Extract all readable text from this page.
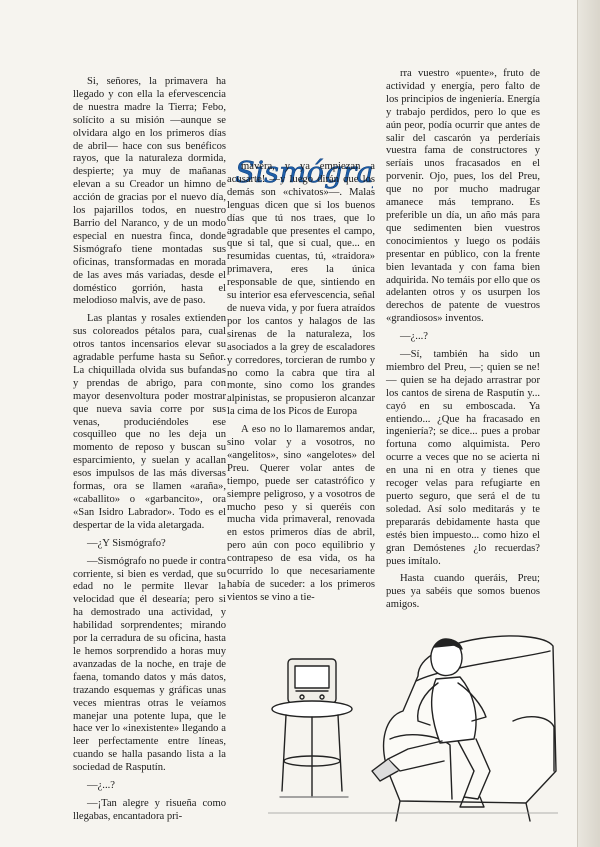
Si, señores, la primavera ha llegado y con ella la efervescencia de nuestra madre la Tierra; Febo, solícito a su misión —aunque se olvidara algo en los primeros días de abril— hace con sus benéficos rayos, que la naturaleza dormida, despierte; ya muy de mañanas elevan a su Creador un himno de acción de gracias por el nuevo día, los pajarillos todos, en nuestro Barrio del Naranco, y de un modo especial en nuestra finca, donde Sismógrafo tiene montadas sus oficinas, transformadas en morada de las aves más variadas, desde el doméstico gorrión, hasta el melodioso malvis, ave de paso.

Las plantas y rosales extienden sus coloreados pétalos para, cual otros tantos incensarios elevar su agradable perfume hasta su Señor. La chiquillada olvida sus bufandas y prendas de abrigo, para con mayor desenvoltura poder mostrar que nueva savia corre por sus venas, produciéndoles ese cosquilleo que no les deja un momento de reposo y buscan su esparcimiento, y suelan y acallan esos impulsos de las más diversas formas, ora se llamen «araña», «caballito» o «garbancito», ora «San Isidro Labrador». Todo es el despertar de la vida aletargada.

—¿Y Sismógrafo?

—Sismógrafo no puede ir contra corriente, si bien es verdad, que su edad no le permite llevar la velocidad que él desearía; pero si ha demostrado una actividad, y habilidad sorprendentes; mirando por la cerradura de su oficina, hasta le hemos sorprendido a horas muy avanzadas de la noche, en traje de faena, tomando datos y más datos, trazando esquemas y gráficas unas veces mientras otras le veíamos manejar una potente lupa, que le hace ver lo «inexistente» llegando a leer perfectamente entre líneas, cuando se halla pasando lista a la sociedad de Rasputín.

—¿...?

—¡Tan alegre y risueña como llegabas, encantadora pri-

Sismógra

mavera, y ya empiezan a acusarte! —y luego dirán que los demás son «chivatos»—. Malas lenguas dicen que si los buenos días que tú nos traes, que lo agradable que presentes el campo, que si tal, que si cual, que... en resumidas cuentas, tú, «traidora» primavera, eres la única responsable de que, sintiendo en su interior esa efervescencia, señal de nueva vida, y por fuera atraídos por los cantos y halagos de las sirenas de la naturaleza, los asociados a la grey de escaladores y corredores, torcieran de rumbo y no como la cabra que tira al monte, sino como los grandes alpinistas, se propusieron alcanzar la cima de los Picos de Europa

A eso no lo llamaremos andar, sino volar y a vosotros, no «angelitos», sino «angelotes» del Preu. Querer volar antes de tiempo, puede ser catastrófico y siempre peligroso, y a vosotros de mucho peso y si queréis con mucha vida primaveral, renovada en estos primeros días de abril, pero aún con poco equilibrio y contrapeso de esa vida, os ha ocurrido lo que necesariamente había de suceder: a los primeros vientos se vino a tie-

rra vuestro «puente», fruto de actividad y energía, pero falto de los principios de ingeniería. Energía y trabajo perdidos, pero lo que es aún peor, podía ocurrir que antes de salir del cascarón ya perderíais vuestra fama de constructores y seríais unos fracasados en el porvenir. Ojo, pues, los del Preu, que no por mucho madrugar amanece más temprano. Es preferible un día, un año más para que sedimenten bien vuestros conocimientos y luego os podáis presentar en público, con la frente bien levantada y con fama bien adquirida. No temáis por ello que os adelanten otros y os usurpen los derechos de patente de vuestros «grandiosos» inventos.

—¿...?

—Sí, también ha sido un miembro del Preu, —; quien se ne!— quien se ha dejado arrastrar por los cantos de sirena de Rasputín y... cayó en su emboscada. Ya entiendo... ¿Que ha fracasado en ingeniería?; se dice... pues a probar fortuna como alquimista. Pero ocurre a veces que no se acierta ni en una ni en otra y tienes que recoger velas para refugiarte en puerto seguro, que será el de tu soledad. Así solo meditarás y te prepararás debidamente hasta que estés bien impuesto... como hizo el gran Demóstenes ¿lo recuerdas? pues imítalo.

Hasta cuando queráis, Preu; pues ya sabéis que somos buenos amigos.
